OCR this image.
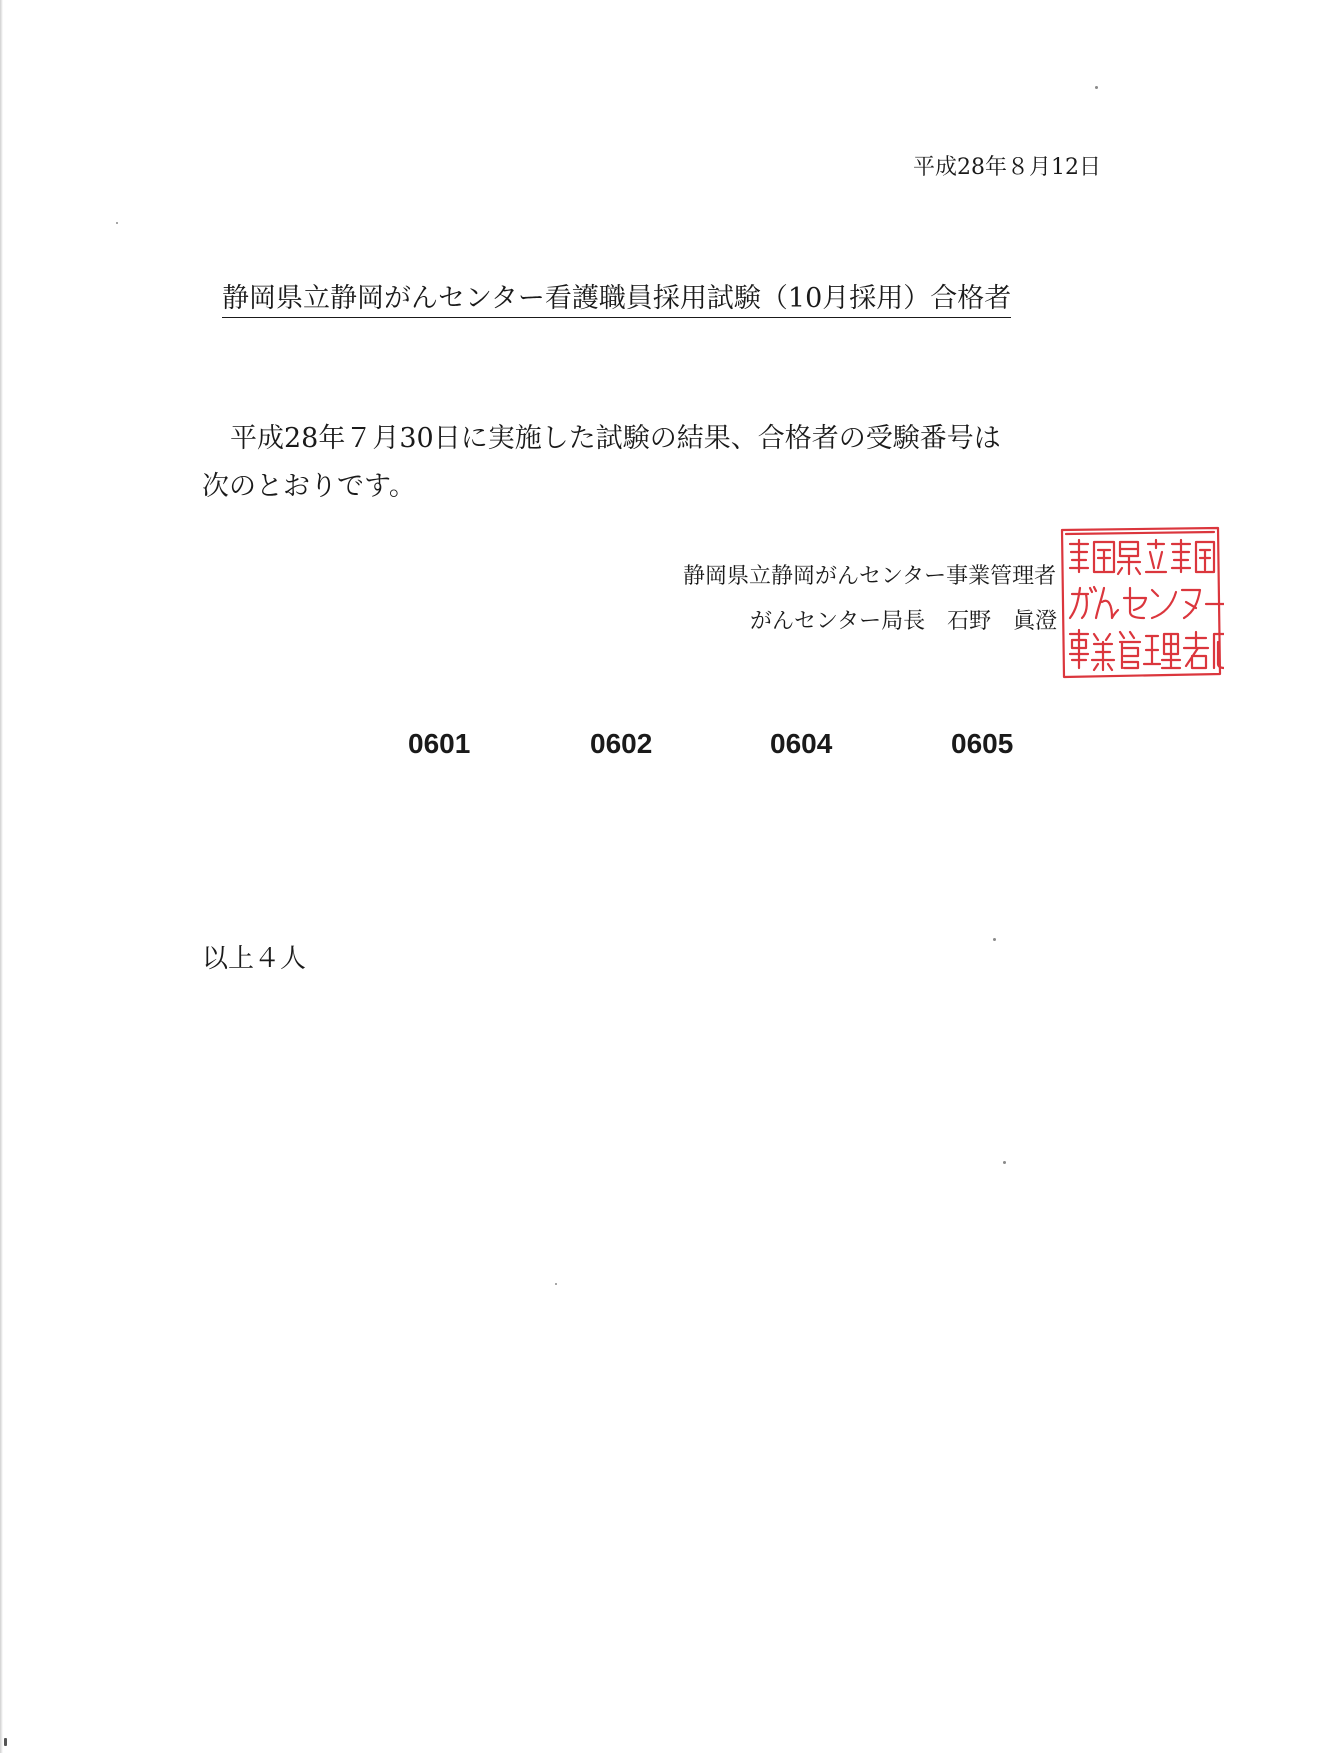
平成28年８月12日
静岡県立静岡がんセンター看護職員採用試験（10月採用）合格者
平成28年７月30日に実施した試験の結果、合格者の受験番号は
次のとおりです。
静岡県立静岡がんセンター事業管理者
がんセンター局長 石野 眞澄
0601	0602	0604	0605
以上４人
